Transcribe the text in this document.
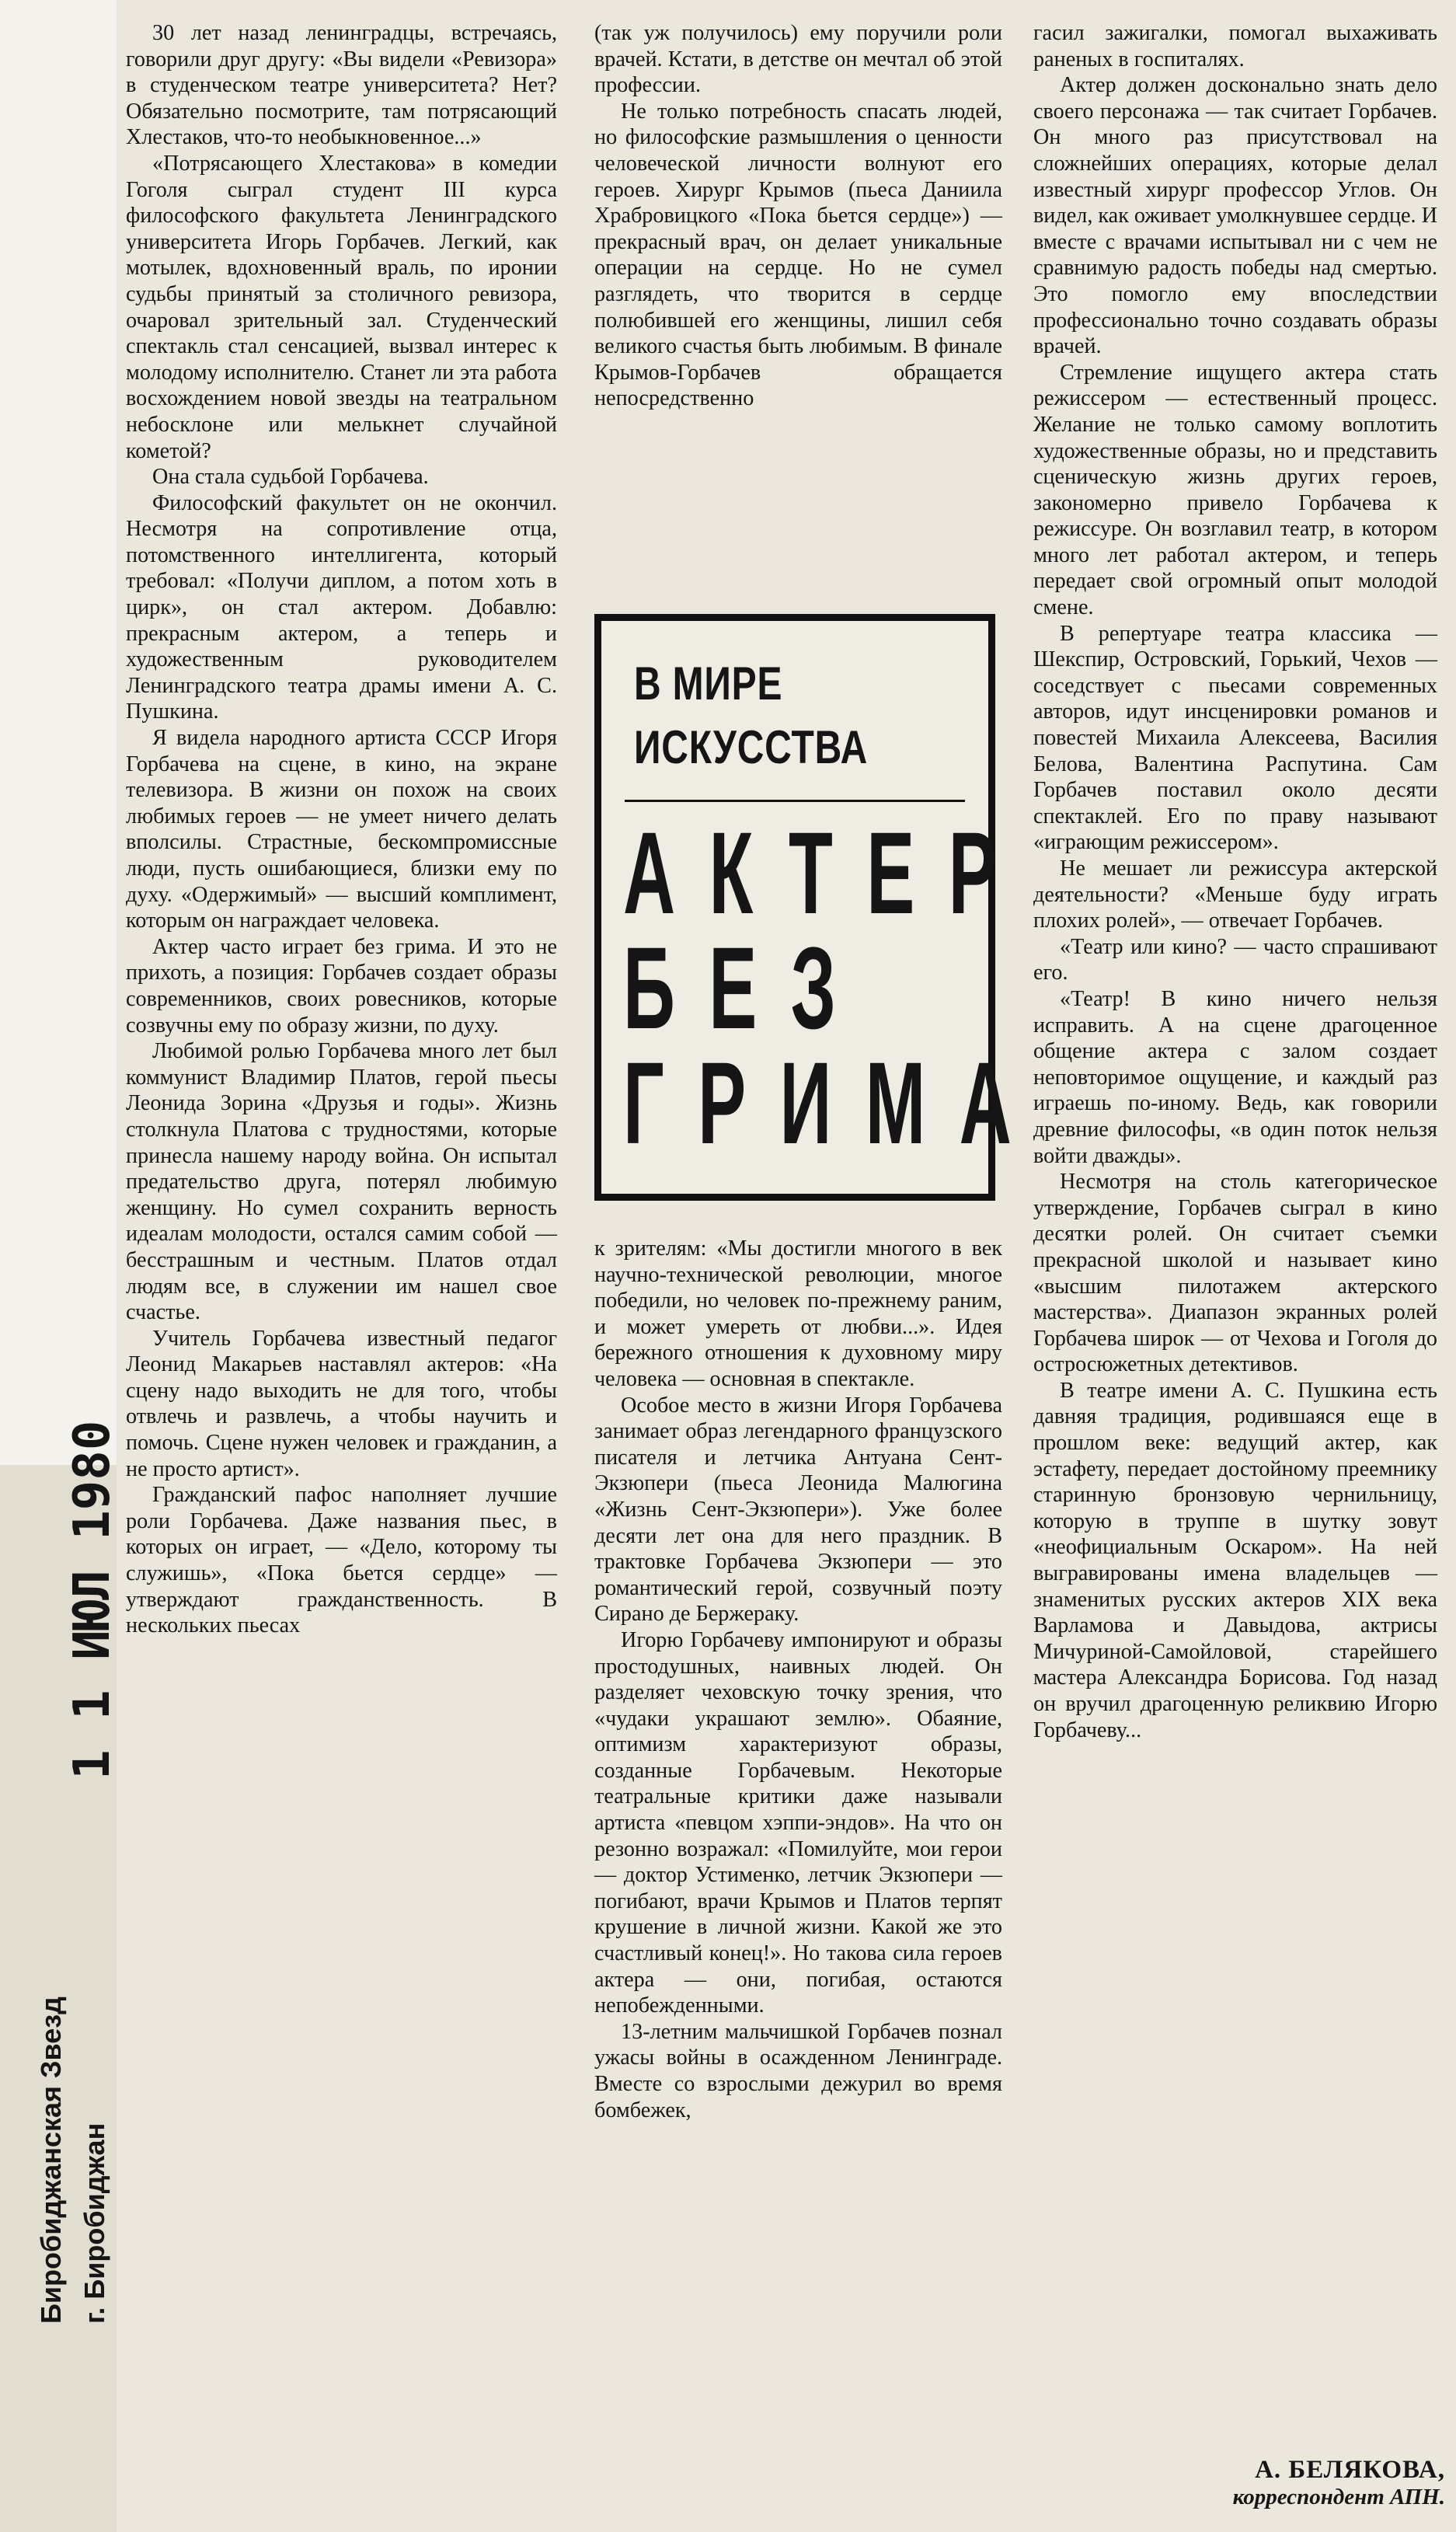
1 1 ИЮЛ 1980
Биробиджанская Звезд г. Биробиджан

30 лет назад ленинградцы, встречаясь, говорили друг другу: «Вы видели «Ревизора» в студенческом театре университета? Нет? Обязательно посмотрите, там потрясающий Хлестаков, что-то необыкновенное...»

«Потрясающего Хлестакова» в комедии Гоголя сыграл студент III курса философского факультета Ленинградского университета Игорь Горбачев. Легкий, как мотылек, вдохновенный враль, по иронии судьбы принятый за столичного ревизора, очаровал зрительный зал. Студенческий спектакль стал сенсацией, вызвал интерес к молодому исполнителю. Станет ли эта работа восхождением новой звезды на театральном небосклоне или мелькнет случайной кометой?

Она стала судьбой Горбачева.

Философский факультет он не окончил. Несмотря на сопротивление отца, потомственного интеллигента, который требовал: «Получи диплом, а потом хоть в цирк», он стал актером. Добавлю: прекрасным актером, а теперь и художественным руководителем Ленинградского театра драмы имени А. С. Пушкина.

Я видела народного артиста СССР Игоря Горбачева на сцене, в кино, на экране телевизора. В жизни он похож на своих любимых героев — не умеет ничего делать вполсилы. Страстные, бескомпромиссные люди, пусть ошибающиеся, близки ему по духу. «Одержимый» — высший комплимент, которым он награждает человека.

Актер часто играет без грима. И это не прихоть, а позиция: Горбачев создает образы современников, своих ровесников, которые созвучны ему по образу жизни, по духу.

Любимой ролью Горбачева много лет был коммунист Владимир Платов, герой пьесы Леонида Зорина «Друзья и годы». Жизнь столкнула Платова с трудностями, которые принесла нашему народу война. Он испытал предательство друга, потерял любимую женщину. Но сумел сохранить верность идеалам молодости, остался самим собой — бесстрашным и честным. Платов отдал людям все, в служении им нашел свое счастье.

Учитель Горбачева известный педагог Леонид Макарьев наставлял актеров: «На сцену надо выходить не для того, чтобы отвлечь и развлечь, а чтобы научить и помочь. Сцене нужен человек и гражданин, а не просто артист».

Гражданский пафос наполняет лучшие роли Горбачева. Даже названия пьес, в которых он играет, — «Дело, которому ты служишь», «Пока бьется сердце» — утверждают гражданственность. В нескольких пьесах

(так уж получилось) ему поручили роли врачей. Кстати, в детстве он мечтал об этой профессии.

Не только потребность спасать людей, но философские размышления о ценности человеческой личности волнуют его героев. Хирург Крымов (пьеса Даниила Храбровицкого «Пока бьется сердце») — прекрасный врач, он делает уникальные операции на сердце. Но не сумел разглядеть, что творится в сердце полюбившей его женщины, лишил себя великого счастья быть любимым. В финале Крымов-Горбачев обращается непосредственно

В МИРЕ ИСКУССТВА
АКТЕР
БЕЗ
ГРИМА

к зрителям: «Мы достигли многого в век научно-технической революции, многое победили, но человек по-прежнему раним, и может умереть от любви...». Идея бережного отношения к духовному миру человека — основная в спектакле.

Особое место в жизни Игоря Горбачева занимает образ легендарного французского писателя и летчика Антуана Сент-Экзюпери (пьеса Леонида Малюгина «Жизнь Сент-Экзюпери»). Уже более десяти лет она для него праздник. В трактовке Горбачева Экзюпери — это романтический герой, созвучный поэту Сирано де Бержераку.

Игорю Горбачеву импонируют и образы простодушных, наивных людей. Он разделяет чеховскую точку зрения, что «чудаки украшают землю». Обаяние, оптимизм характеризуют образы, созданные Горбачевым. Некоторые театральные критики даже называли артиста «певцом хэппи-эндов». На что он резонно возражал: «Помилуйте, мои герои — доктор Устименко, летчик Экзюпери — погибают, врачи Крымов и Платов терпят крушение в личной жизни. Какой же это счастливый конец!». Но такова сила героев актера — они, погибая, остаются непобежденными.

13-летним мальчишкой Горбачев познал ужасы войны в осажденном Ленинграде. Вместе со взрослыми дежурил во время бомбежек,

гасил зажигалки, помогал выхаживать раненых в госпиталях.

Актер должен досконально знать дело своего персонажа — так считает Горбачев. Он много раз присутствовал на сложнейших операциях, которые делал известный хирург профессор Углов. Он видел, как оживает умолкнувшее сердце. И вместе с врачами испытывал ни с чем не сравнимую радость победы над смертью. Это помогло ему впоследствии профессионально точно создавать образы врачей.

Стремление ищущего актера стать режиссером — естественный процесс. Желание не только самому воплотить художественные образы, но и представить сценическую жизнь других героев, закономерно привело Горбачева к режиссуре. Он возглавил театр, в котором много лет работал актером, и теперь передает свой огромный опыт молодой смене.

В репертуаре театра классика — Шекспир, Островский, Горький, Чехов — соседствует с пьесами современных авторов, идут инсценировки романов и повестей Михаила Алексеева, Василия Белова, Валентина Распутина. Сам Горбачев поставил около десяти спектаклей. Его по праву называют «играющим режиссером».

Не мешает ли режиссура актерской деятельности? «Меньше буду играть плохих ролей», — отвечает Горбачев.

«Театр или кино? — часто спрашивают его.

«Театр! В кино ничего нельзя исправить. А на сцене драгоценное общение актера с залом создает неповторимое ощущение, и каждый раз играешь по-иному. Ведь, как говорили древние философы, «в один поток нельзя войти дважды».

Несмотря на столь категорическое утверждение, Горбачев сыграл в кино десятки ролей. Он считает съемки прекрасной школой и называет кино «высшим пилотажем актерского мастерства». Диапазон экранных ролей Горбачева широк — от Чехова и Гоголя до остросюжетных детективов.

В театре имени А. С. Пушкина есть давняя традиция, родившаяся еще в прошлом веке: ведущий актер, как эстафету, передает достойному преемнику старинную бронзовую чернильницу, которую в труппе в шутку зовут «неофициальным Оскаром». На ней выгравированы имена владельцев — знаменитых русских актеров XIX века Варламова и Давыдова, актрисы Мичуриной-Самойловой, старейшего мастера Александра Борисова. Год назад он вручил драгоценную реликвию Игорю Горбачеву...

А. БЕЛЯКОВА,
корреспондент АПН.
